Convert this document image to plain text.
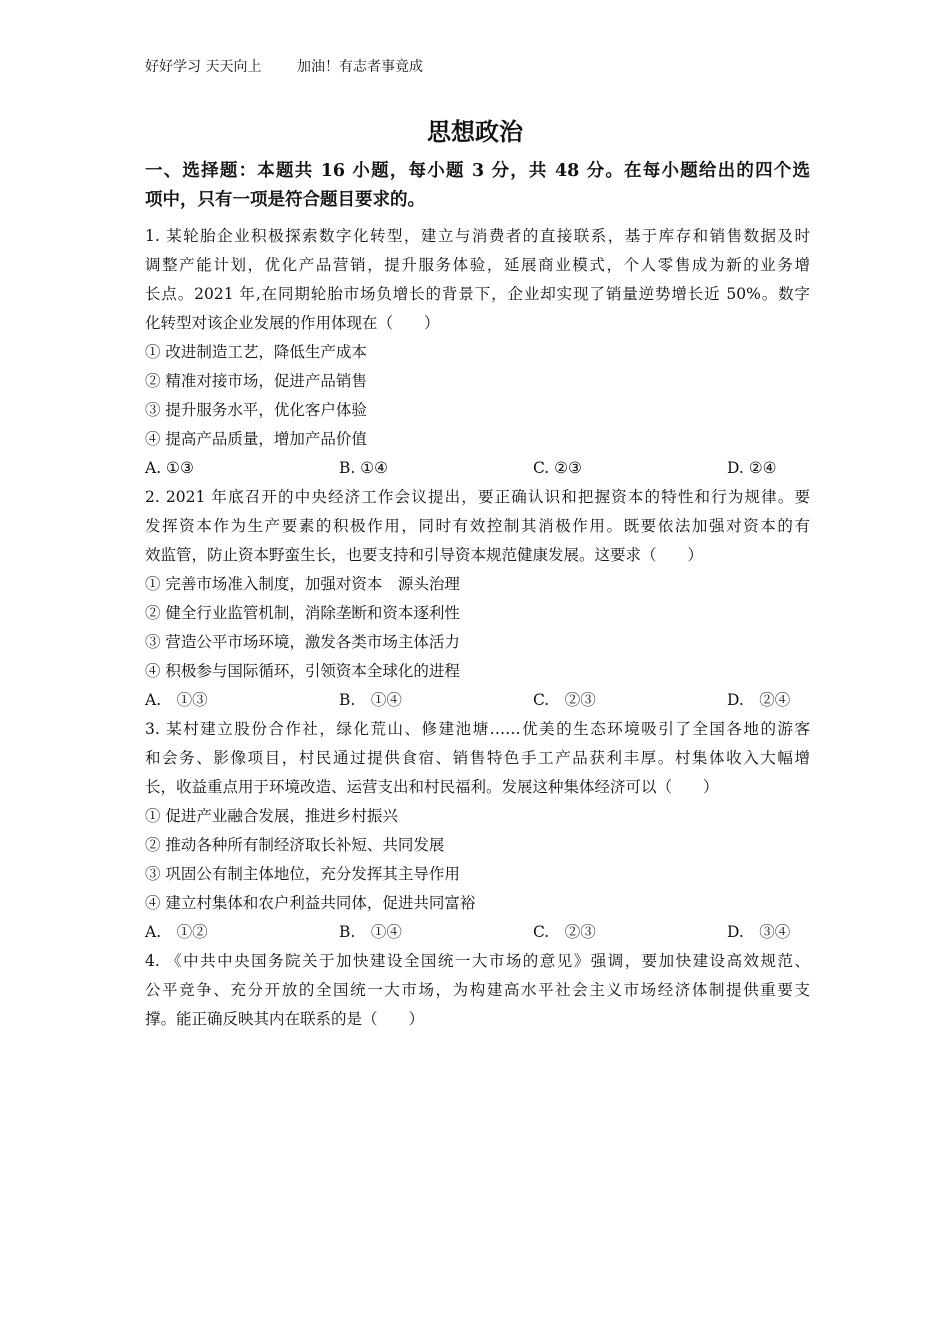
好好学习 天天向上        加油！有志者事竟成
思想政治
一、选择题：本题共 16 小题，每小题 3 分，共 48 分。在每小题给出的四个选
项中，只有一项是符合题目要求的。
1. 某轮胎企业积极探索数字化转型，建立与消费者的直接联系，基于库存和销售数据及时
调整产能计划，优化产品营销，提升服务体验，延展商业模式，个人零售成为新的业务增
长点。2021 年,在同期轮胎市场负增长的背景下，企业却实现了销量逆势增长近 50%。数字
化转型对该企业发展的作用体现在（　　）
① 改进制造工艺，降低生产成本
② 精准对接市场，促进产品销售
③ 提升服务水平，优化客户体验
④ 提高产品质量，增加产品价值
A. ①③	B. ①④	C. ②③	D. ②④
2. 2021 年底召开的中央经济工作会议提出，要正确认识和把握资本的特性和行为规律。要
发挥资本作为生产要素的积极作用，同时有效控制其消极作用。既要依法加强对资本的有
效监管，防止资本野蛮生长，也要支持和引导资本规范健康发展。这要求（　　）
① 完善市场准入制度，加强对资本　源头治理
② 健全行业监管机制，消除垄断和资本逐利性
③ 营造公平市场环境，激发各类市场主体活力
④ 积极参与国际循环，引领资本全球化的进程
A.　①③	B.　①④	C.　②③	D.　②④
3. 某村建立股份合作社，绿化荒山、修建池塘……优美的生态环境吸引了全国各地的游客
和会务、影像项目，村民通过提供食宿、销售特色手工产品获利丰厚。村集体收入大幅增
长，收益重点用于环境改造、运营支出和村民福利。发展这种集体经济可以（　　）
① 促进产业融合发展，推进乡村振兴
② 推动各种所有制经济取长补短、共同发展
③ 巩固公有制主体地位，充分发挥其主导作用
④ 建立村集体和农户利益共同体，促进共同富裕
A.　①②	B.　①④	C.　②③	D.　③④
4. 《中共中央国务院关于加快建设全国统一大市场的意见》强调，要加快建设高效规范、
公平竞争、充分开放的全国统一大市场，为构建高水平社会主义市场经济体制提供重要支
撑。能正确反映其内在联系的是（　　）
